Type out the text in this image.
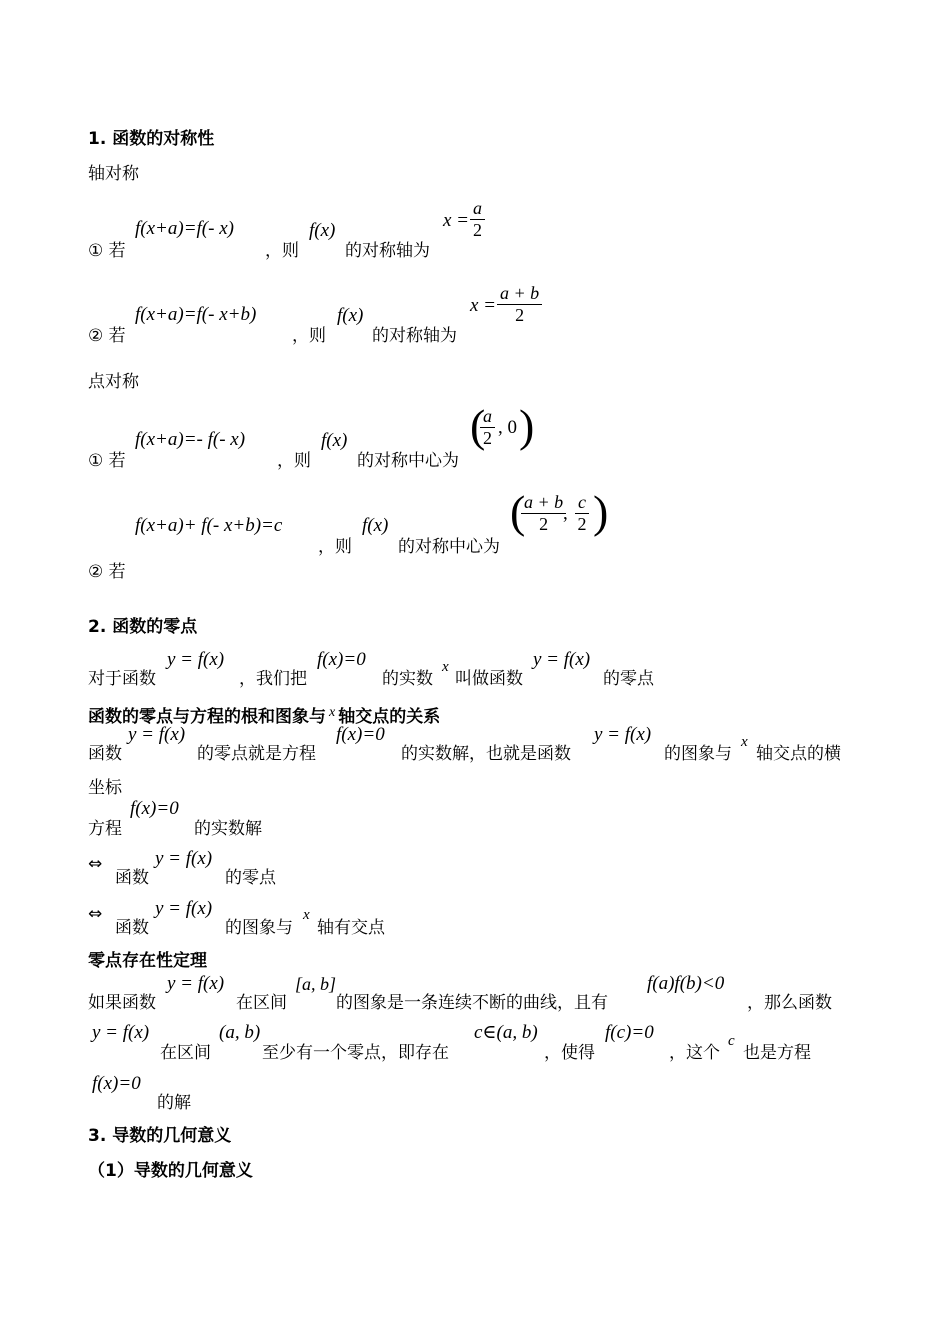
1. 函数的对称性
轴对称
① 若
f(x+a)=f(- x)
，则
f(x)
的对称轴为
$x = \frac{a}{2}$
② 若
f(x+a)=f(- x+b)
，则
f(x)
的对称轴为
$x = \frac{a + b}{2}$
点对称
① 若
f(x+a)=- f(- x)
，则
f(x)
的对称中心为
(
$\frac{a}{2}$ , 0 )
f(x+a)+ f(- x+b)=c
，则
f(x)
的对称中心为
(
$\frac{a + b}{2}$
, $\frac{c}{2}$ )
② 若
2. 函数的零点
对于函数
y = f(x)
，我们把
f(x)=0
的实数
x
叫做函数
y = f(x)
的零点
函数的零点与方程的根和图象与 $^x$ 轴交点的关系
函数
y = f(x)
的零点就是方程
f(x)=0
的实数解，也就是函数
y = f(x)
的图象与
x
轴交点的横
坐标
方程
f(x)=0
的实数解
⇔
函数
y = f(x)
的零点
⇔
函数
y = f(x)
的图象与
x
轴有交点
零点存在性定理
如果函数
y = f(x)
在区间
[a, b]
的图象是一条连续不断的曲线，且有
f(a)f(b)<0
，那么函数
y = f(x)
在区间
(a, b)
至少有一个零点，即存在
c∈(a, b)
，使得
f(c)=0
，这个
c
也是方程
f(x)=0
的解
3. 导数的几何意义
（1）导数的几何意义
